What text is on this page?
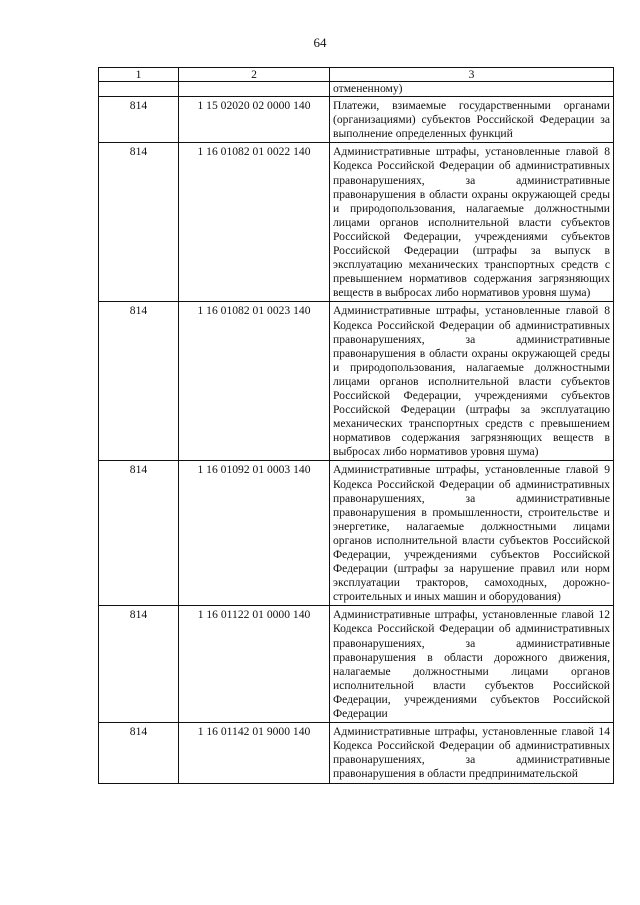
64
1	2	3
		отмененному)
814	1 15 02020 02 0000 140	Платежи, взимаемые государственными органами (организациями) субъектов Российской Федерации за выполнение определенных функций
814	1 16 01082 01 0022 140	Административные штрафы, установленные главой 8 Кодекса Российской Федерации об административных правонарушениях, за административные правонарушения в области охраны окружающей среды и природопользования, налагаемые должностными лицами органов исполнительной власти субъектов Российской Федерации, учреждениями субъектов Российской Федерации (штрафы за выпуск в эксплуатацию механических транспортных средств с превышением нормативов содержания загрязняющих веществ в выбросах либо нормативов уровня шума)
814	1 16 01082 01 0023 140	Административные штрафы, установленные главой 8 Кодекса Российской Федерации об административных правонарушениях, за административные правонарушения в области охраны окружающей среды и природопользования, налагаемые должностными лицами органов исполнительной власти субъектов Российской Федерации, учреждениями субъектов Российской Федерации (штрафы за эксплуатацию механических транспортных средств с превышением нормативов содержания загрязняющих веществ в выбросах либо нормативов уровня шума)
814	1 16 01092 01 0003 140	Административные штрафы, установленные главой 9 Кодекса Российской Федерации об административных правонарушениях, за административные правонарушения в промышленности, строительстве и энергетике, налагаемые должностными лицами органов исполнительной власти субъектов Российской Федерации, учреждениями субъектов Российской Федерации (штрафы за нарушение правил или норм эксплуатации тракторов, самоходных, дорожно-строительных и иных машин и оборудования)
814	1 16 01122 01 0000 140	Административные штрафы, установленные главой 12 Кодекса Российской Федерации об административных правонарушениях, за административные правонарушения в области дорожного движения, налагаемые должностными лицами органов исполнительной власти субъектов Российской Федерации, учреждениями субъектов Российской Федерации
814	1 16 01142 01 9000 140	Административные штрафы, установленные главой 14 Кодекса Российской Федерации об административных правонарушениях, за административные правонарушения в области предпринимательской
